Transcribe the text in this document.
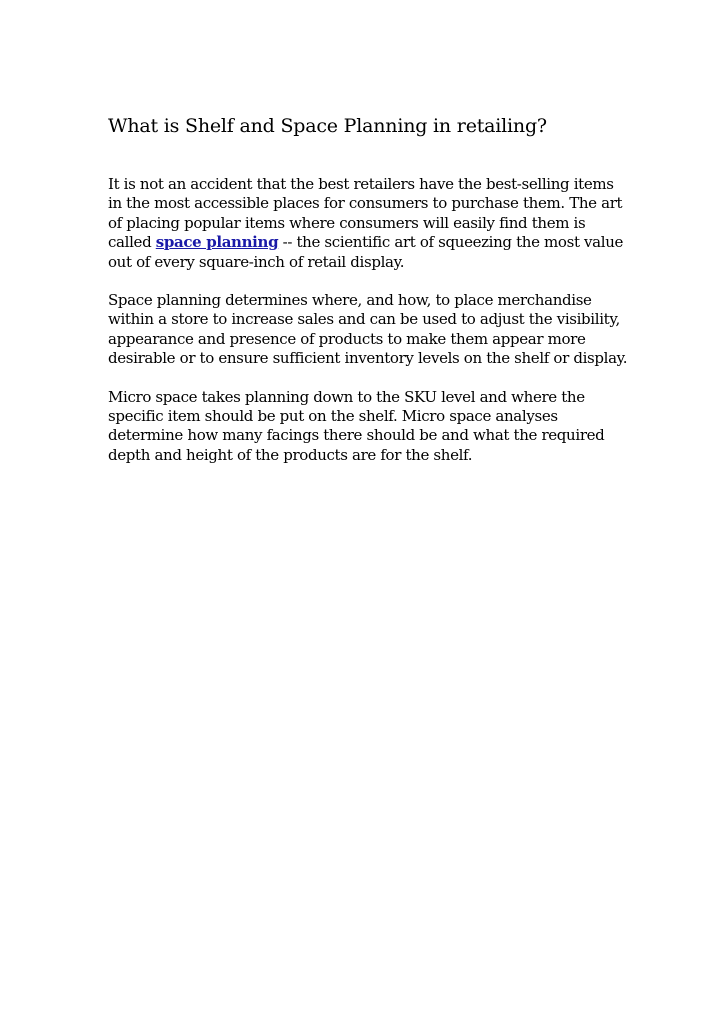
What is Shelf and Space Planning in retailing?

It is not an accident that the best retailers have the best-selling items in the most accessible places for consumers to purchase them. The art of placing popular items where consumers will easily find them is called space planning -- the scientific art of squeezing the most value out of every square-inch of retail display.

Space planning determines where, and how, to place merchandise within a store to increase sales and can be used to adjust the visibility, appearance and presence of products to make them appear more desirable or to ensure sufficient inventory levels on the shelf or display.

Micro space takes planning down to the SKU level and where the specific item should be put on the shelf. Micro space analyses determine how many facings there should be and what the required depth and height of the products are for the shelf.
